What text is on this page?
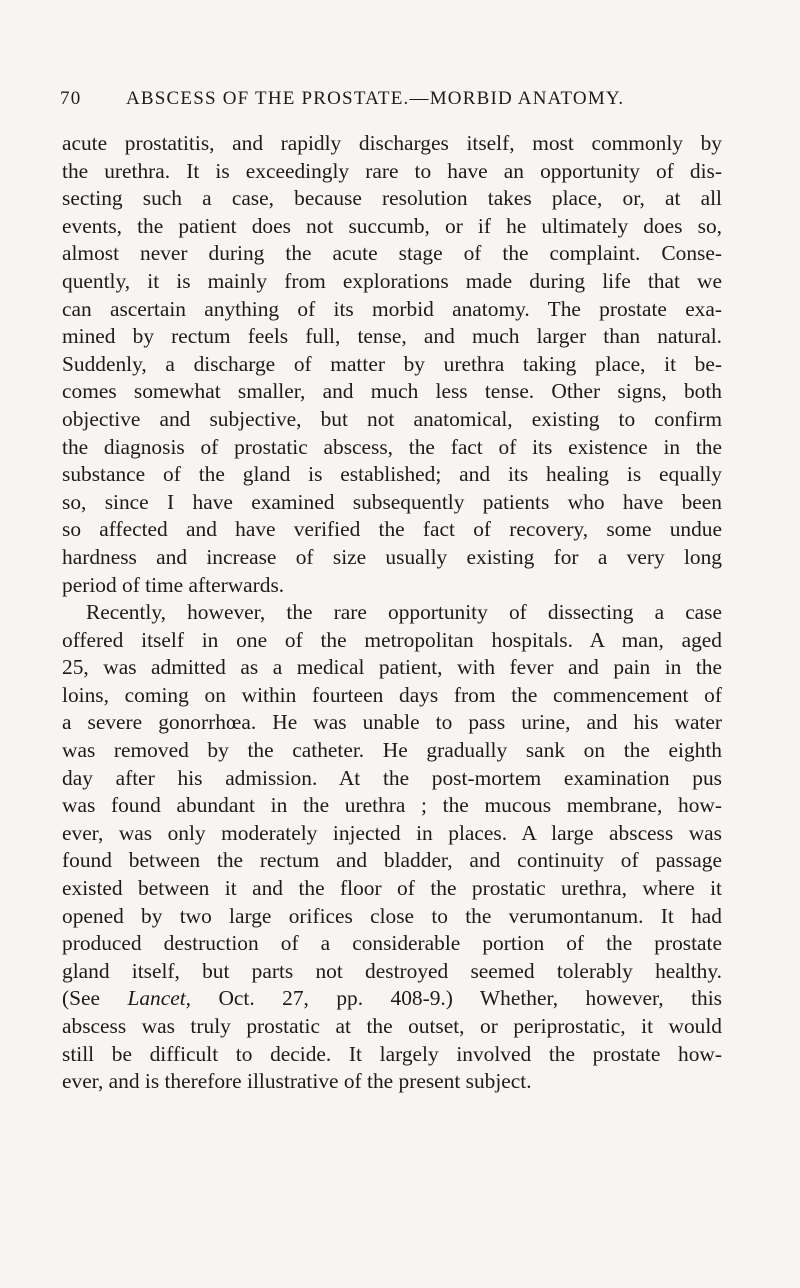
70 ABSCESS OF THE PROSTATE.—MORBID ANATOMY.
acute prostatitis, and rapidly discharges itself, most commonly by
the urethra. It is exceedingly rare to have an opportunity of dis-
secting such a case, because resolution takes place, or, at all
events, the patient does not succumb, or if he ultimately does so,
almost never during the acute stage of the complaint. Conse-
quently, it is mainly from explorations made during life that we
can ascertain anything of its morbid anatomy. The prostate exa-
mined by rectum feels full, tense, and much larger than natural.
Suddenly, a discharge of matter by urethra taking place, it be-
comes somewhat smaller, and much less tense. Other signs, both
objective and subjective, but not anatomical, existing to confirm
the diagnosis of prostatic abscess, the fact of its existence in the
substance of the gland is established; and its healing is equally
so, since I have examined subsequently patients who have been
so affected and have verified the fact of recovery, some undue
hardness and increase of size usually existing for a very long
period of time afterwards.
Recently, however, the rare opportunity of dissecting a case
offered itself in one of the metropolitan hospitals. A man, aged
25, was admitted as a medical patient, with fever and pain in the
loins, coming on within fourteen days from the commencement of
a severe gonorrhœa. He was unable to pass urine, and his water
was removed by the catheter. He gradually sank on the eighth
day after his admission. At the post-mortem examination pus
was found abundant in the urethra ; the mucous membrane, how-
ever, was only moderately injected in places. A large abscess was
found between the rectum and bladder, and continuity of passage
existed between it and the floor of the prostatic urethra, where it
opened by two large orifices close to the verumontanum. It had
produced destruction of a considerable portion of the prostate
gland itself, but parts not destroyed seemed tolerably healthy.
(See Lancet, Oct. 27, pp. 408-9.) Whether, however, this
abscess was truly prostatic at the outset, or periprostatic, it would
still be difficult to decide. It largely involved the prostate how-
ever, and is therefore illustrative of the present subject.
